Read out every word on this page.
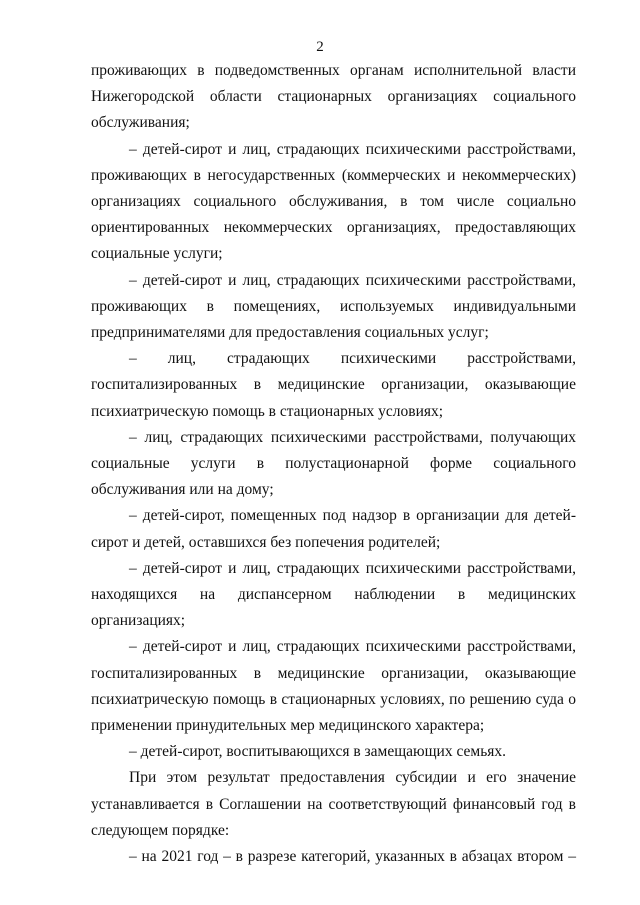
2

проживающих в подведомственных органам исполнительной власти Нижегородской области стационарных организациях социального обслуживания;

– детей-сирот и лиц, страдающих психическими расстройствами, проживающих в негосударственных (коммерческих и некоммерческих) организациях социального обслуживания, в том числе социально ориентированных некоммерческих организациях, предоставляющих социальные услуги;

– детей-сирот и лиц, страдающих психическими расстройствами, проживающих в помещениях, используемых индивидуальными предпринимателями для предоставления социальных услуг;

– лиц, страдающих психическими расстройствами, госпитализированных в медицинские организации, оказывающие психиатрическую помощь в стационарных условиях;

– лиц, страдающих психическими расстройствами, получающих социальные услуги в полустационарной форме социального обслуживания или на дому;

– детей-сирот, помещенных под надзор в организации для детей-сирот и детей, оставшихся без попечения родителей;

– детей-сирот и лиц, страдающих психическими расстройствами, находящихся на диспансерном наблюдении в медицинских организациях;

– детей-сирот и лиц, страдающих психическими расстройствами, госпитализированных в медицинские организации, оказывающие психиатрическую помощь в стационарных условиях, по решению суда о применении принудительных мер медицинского характера;

– детей-сирот, воспитывающихся в замещающих семьях.

При этом результат предоставления субсидии и его значение устанавливается в Соглашении на соответствующий финансовый год в следующем порядке:

– на 2021 год – в разрезе категорий, указанных в абзацах втором –
